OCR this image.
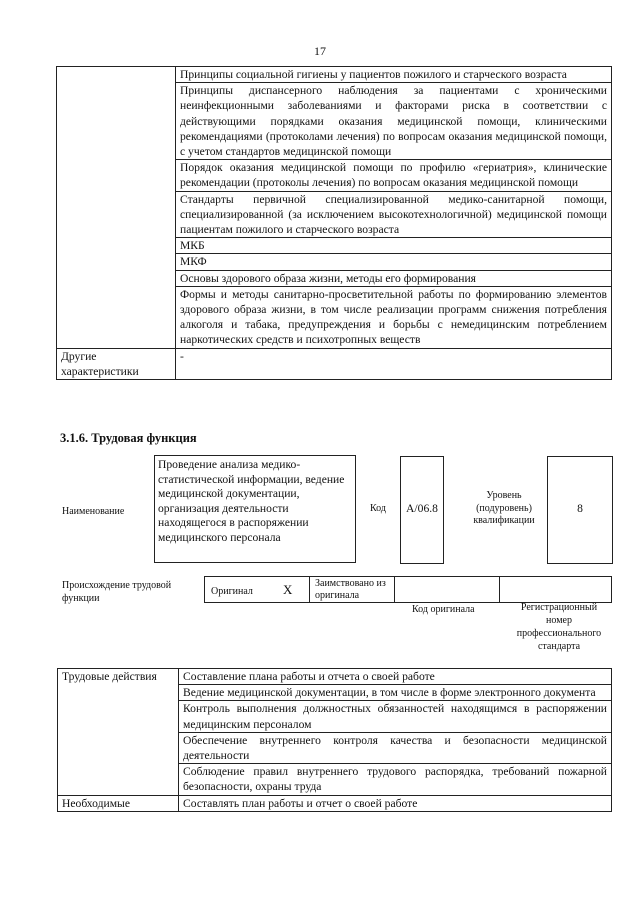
17
	Принципы социальной гигиены у пациентов пожилого и старческого возраста
	Принципы диспансерного наблюдения за пациентами с хроническими неинфекционными заболеваниями и факторами риска в соответствии с действующими порядками оказания медицинской помощи, клиническими рекомендациями (протоколами лечения) по вопросам оказания медицинской помощи, с учетом стандартов медицинской помощи
	Порядок оказания медицинской помощи по профилю «гериатрия», клинические рекомендации (протоколы лечения) по вопросам оказания медицинской помощи
	Стандарты первичной специализированной медико-санитарной помощи, специализированной (за исключением высокотехнологичной) медицинской помощи пациентам пожилого и старческого возраста
	МКБ
	МКФ
	Основы здорового образа жизни, методы его формирования
	Формы и методы санитарно-просветительной работы по формированию элементов здорового образа жизни, в том числе реализации программ снижения потребления алкоголя и табака, предупреждения и борьбы с немедицинским потреблением наркотических средств и психотропных веществ
Другие характеристики	-
3.1.6. Трудовая функция
Наименование
Проведение анализа медико-статистической информации, ведение медицинской документации, организация деятельности находящегося в распоряжении медицинского персонала
Код	A/06.8
Уровень (подуровень) квалификации
8
Происхождение трудовой функции
Оригинал X Заимствовано из оригинала
Код оригинала	Регистрационный номер профессионального стандарта
Трудовые действия	Составление плана работы и отчета о своей работе
	Ведение медицинской документации, в том числе в форме электронного документа
	Контроль выполнения должностных обязанностей находящимся в распоряжении медицинским персоналом
	Обеспечение внутреннего контроля качества и безопасности медицинской деятельности
	Соблюдение правил внутреннего трудового распорядка, требований пожарной безопасности, охраны труда
Необходимые	Составлять план работы и отчет о своей работе
